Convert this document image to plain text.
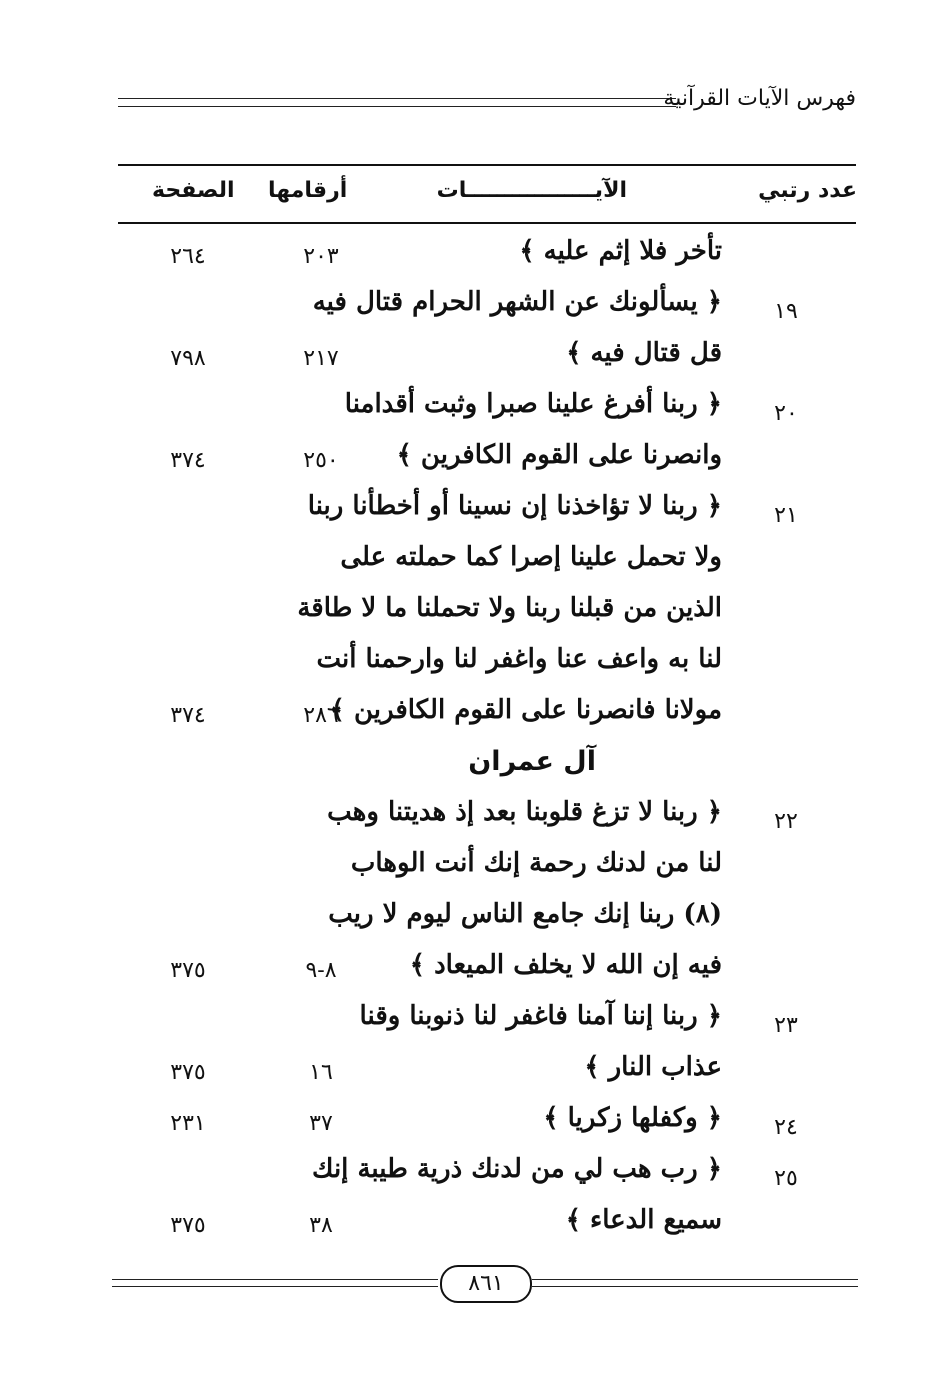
فهرس الآيات القرآنية
عدد رتبي
الآيـــــــــــــــــات
أرقامها
الصفحة
تأخر فلا إثم عليه ﴾
٢٠٣
٢٦٤
١٩
﴿ يسألونك عن الشهر الحرام قتال فيه
قل قتال فيه ﴾
٢١٧
٧٩٨
٢٠
﴿ ربنا أفرغ علينا صبرا وثبت أقدامنا
وانصرنا على القوم الكافرين ﴾
٢٥٠
٣٧٤
٢١
﴿ ربنا لا تؤاخذنا إن نسينا أو أخطأنا ربنا
ولا تحمل علينا إصرا كما حملته على
الذين من قبلنا ربنا ولا تحملنا ما لا طاقة
لنا به واعف عنا واغفر لنا وارحمنا أنت
مولانا فانصرنا على القوم الكافرين ﴾
٢٨٦
٣٧٤
آل عمران
٢٢
﴿ ربنا لا تزغ قلوبنا بعد إذ هديتنا وهب
لنا من لدنك رحمة إنك أنت الوهاب
(٨) ربنا إنك جامع الناس ليوم لا ريب
فيه إن الله لا يخلف الميعاد ﴾
٨-٩
٣٧٥
٢٣
﴿ ربنا إننا آمنا فاغفر لنا ذنوبنا وقنا
عذاب النار ﴾
١٦
٣٧٥
٢٤
﴿ وكفلها زكريا ﴾
٣٧
٢٣١
٢٥
﴿ رب هب لي من لدنك ذرية طيبة إنك
سميع الدعاء ﴾
٣٨
٣٧٥
٨٦١
